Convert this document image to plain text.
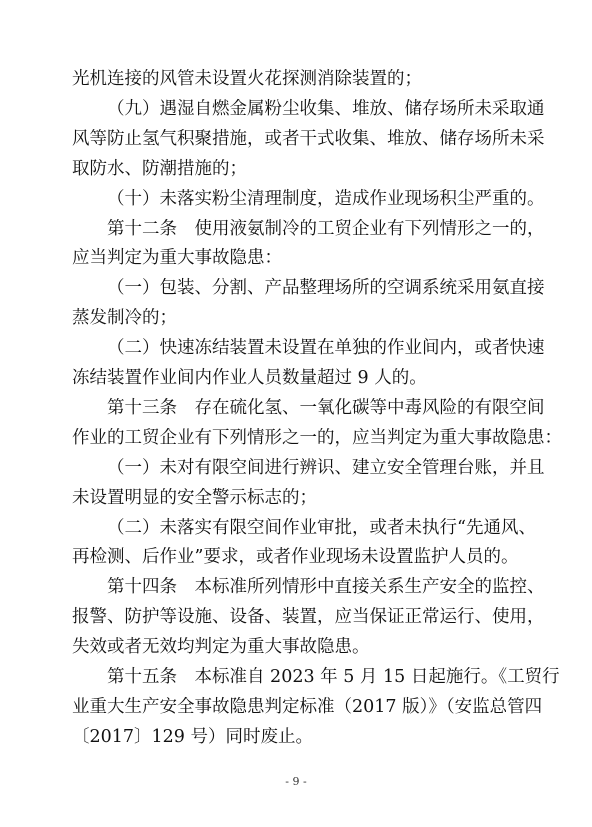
光机连接的风管未设置火花探测消除装置的；
（九）遇湿自燃金属粉尘收集、堆放、储存场所未采取通
风等防止氢气积聚措施，或者干式收集、堆放、储存场所未采
取防水、防潮措施的；
（十）未落实粉尘清理制度，造成作业现场积尘严重的。
第十二条　使用液氨制冷的工贸企业有下列情形之一的，
应当判定为重大事故隐患：
（一）包装、分割、产品整理场所的空调系统采用氨直接
蒸发制冷的；
（二）快速冻结装置未设置在单独的作业间内，或者快速
冻结装置作业间内作业人员数量超过 9 人的。
第十三条　存在硫化氢、一氧化碳等中毒风险的有限空间
作业的工贸企业有下列情形之一的，应当判定为重大事故隐患：
（一）未对有限空间进行辨识、建立安全管理台账，并且
未设置明显的安全警示标志的；
（二）未落实有限空间作业审批，或者未执行“先通风、
再检测、后作业”要求，或者作业现场未设置监护人员的。
第十四条　本标准所列情形中直接关系生产安全的监控、
报警、防护等设施、设备、装置，应当保证正常运行、使用，
失效或者无效均判定为重大事故隐患。
第十五条　本标准自 2023 年 5 月 15 日起施行。《工贸行
业重大生产安全事故隐患判定标准（2017 版）》（安监总管四
〔2017〕129 号）同时废止。
- 9 -
